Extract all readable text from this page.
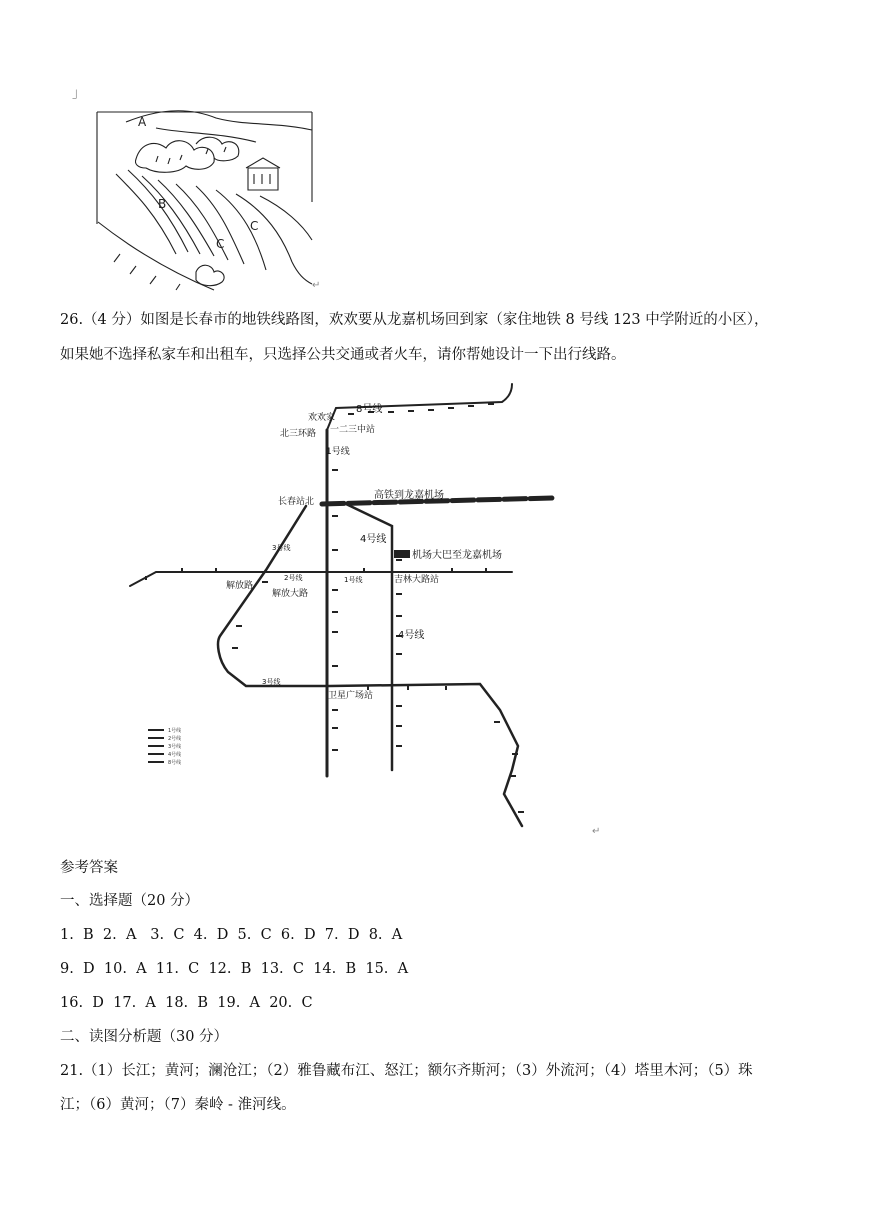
」
A
B
C
C
↵
26.（4 分）如图是长春市的地铁线路图，欢欢要从龙嘉机场回到家（家住地铁 8 号线 123 中学附近的小区），
如果她不选择私家车和出租车，只选择公共交通或者火车，请你帮她设计一下出行线路。
欢欢家
8号线
北三环路 一二三中站
1号线
长春站北
高铁到龙嘉机场
3号线
4号线
机场大巴至龙嘉机场
解放路
2号线	1号线	吉林大路站
解放大路
4号线
3号线
卫星广场站
1号线
2号线
3号线
4号线
8号线
↵
参考答案
一、选择题（20 分）
1.  B  2.  A   3.  C  4.  D  5.  C  6.  D  7.  D  8.  A
9.  D  10.  A  11.  C  12.  B  13.  C  14.  B  15.  A
16.  D  17.  A  18.  B  19.  A  20.  C
二、读图分析题（30 分）
21.（1）长江；黄河；澜沧江；（2）雅鲁藏布江、怒江；额尔齐斯河；（3）外流河；（4）塔里木河；（5）珠
江；（6）黄河；（7）秦岭 - 淮河线。
